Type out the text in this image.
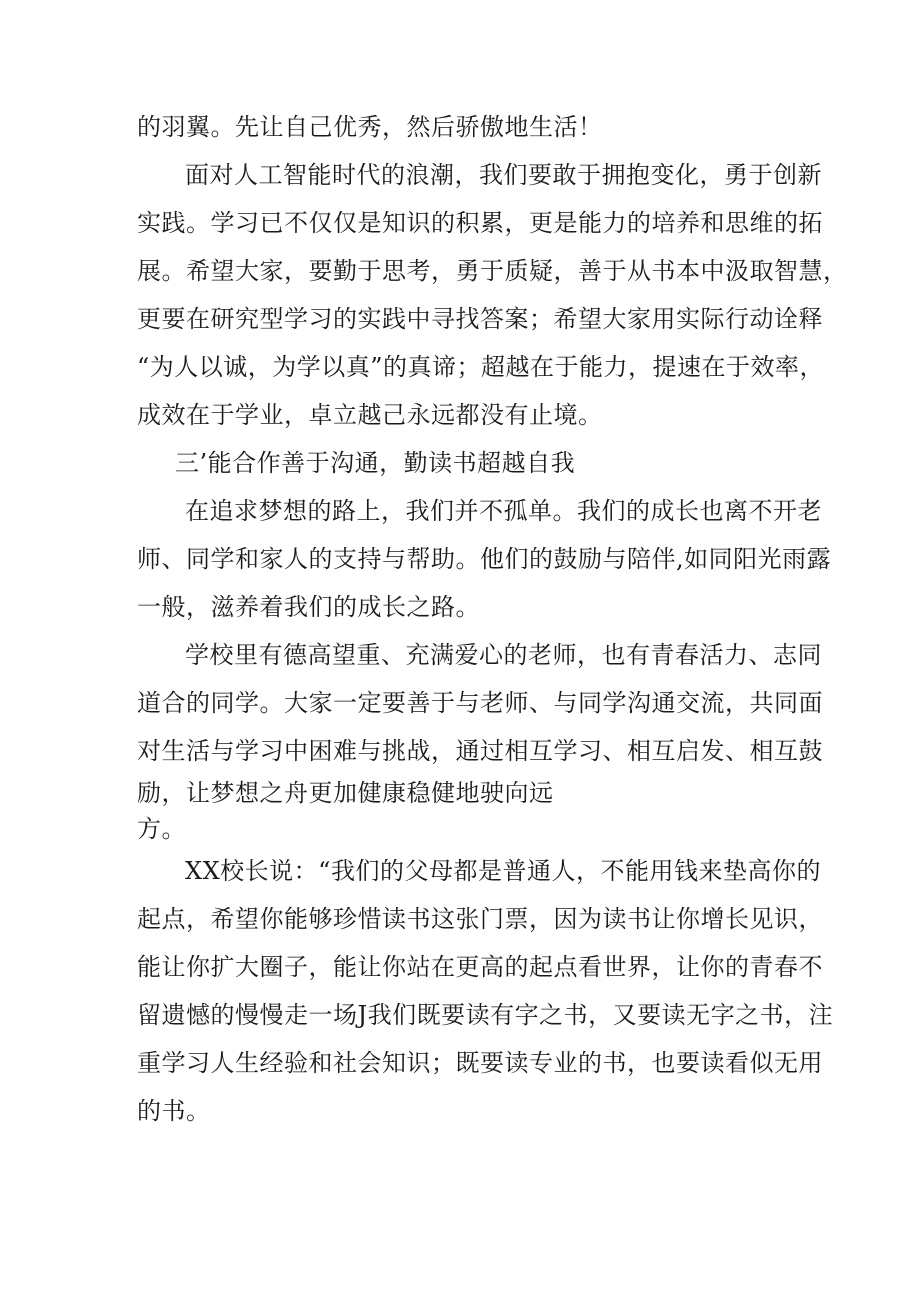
的羽翼。先让自己优秀，然后骄傲地生活！
面对人工智能时代的浪潮，我们要敢于拥抱变化，勇于创新
实践。学习已不仅仅是知识的积累，更是能力的培养和思维的拓
展。希望大家，要勤于思考，勇于质疑，善于从书本中汲取智慧，
更要在研究型学习的实践中寻找答案；希望大家用实际行动诠释
“为人以诚，为学以真”的真谛；超越在于能力，提速在于效率，
成效在于学业，卓立越己永远都没有止境。
三’能合作善于沟通，勤读书超越自我
在追求梦想的路上，我们并不孤单。我们的成长也离不开老
师、同学和家人的支持与帮助。他们的鼓励与陪伴,如同阳光雨露
一般，滋养着我们的成长之路。
学校里有德高望重、充满爱心的老师，也有青春活力、志同
道合的同学。大家一定要善于与老师、与同学沟通交流，共同面
对生活与学习中困难与挑战，通过相互学习、相互启发、相互鼓
励，让梦想之舟更加健康稳健地驶向远
方。
XX校长说：“我们的父母都是普通人，不能用钱来垫高你的
起点，希望你能够珍惜读书这张门票，因为读书让你增长见识，
能让你扩大圈子，能让你站在更高的起点看世界，让你的青春不
留遗憾的慢慢走一场J我们既要读有字之书，又要读无字之书，注
重学习人生经验和社会知识；既要读专业的书，也要读看似无用
的书。
